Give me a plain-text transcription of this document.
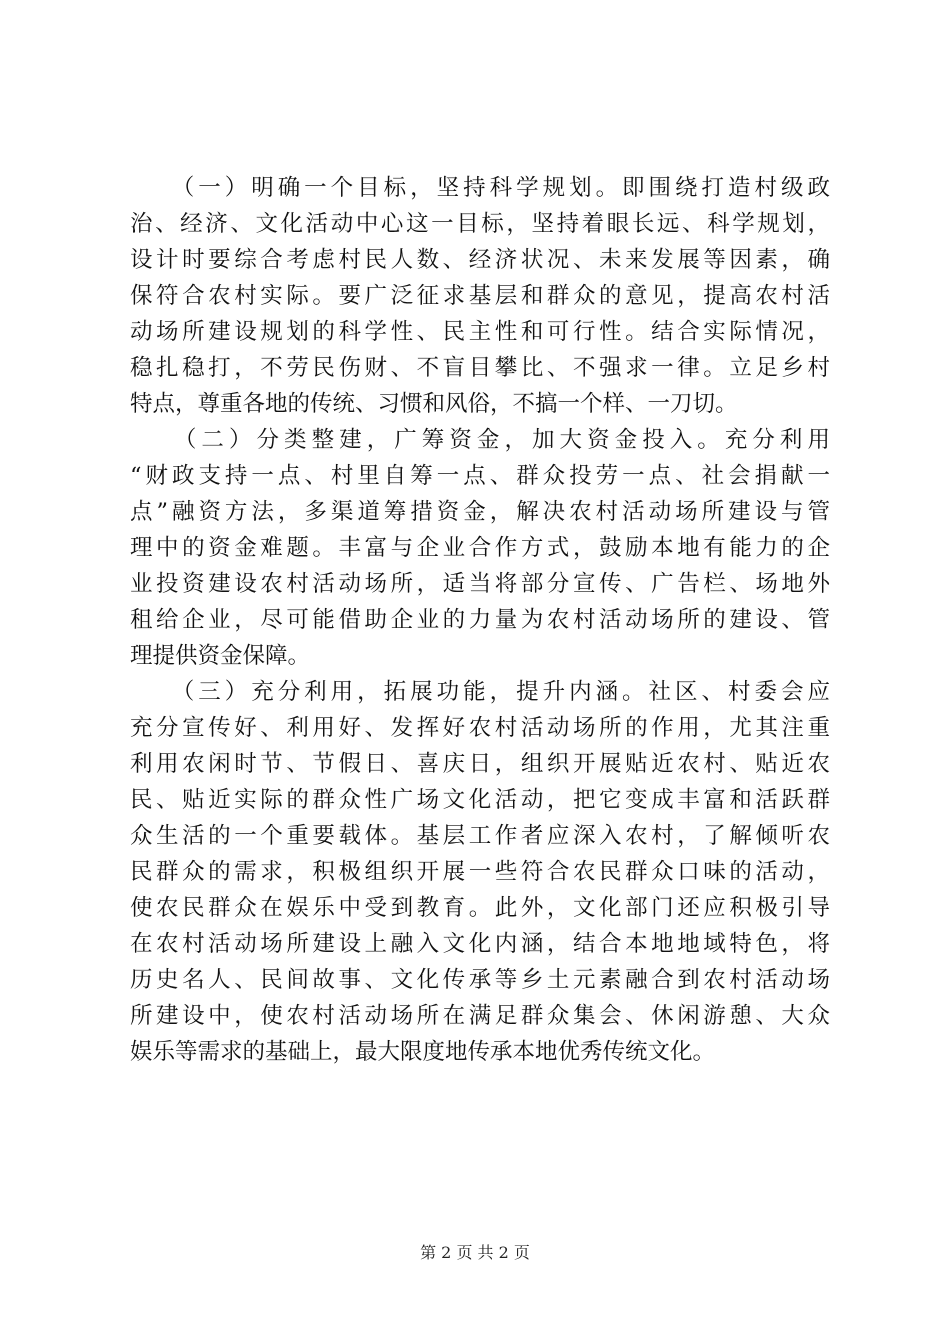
　　（一）明确一个目标，坚持科学规划。即围绕打造村级政
治、经济、文化活动中心这一目标，坚持着眼长远、科学规划，
设计时要综合考虑村民人数、经济状况、未来发展等因素，确
保符合农村实际。要广泛征求基层和群众的意见，提高农村活
动场所建设规划的科学性、民主性和可行性。结合实际情况，
稳扎稳打，不劳民伤财、不盲目攀比、不强求一律。立足乡村
特点，尊重各地的传统、习惯和风俗，不搞一个样、一刀切。
　　（二）分类整建，广筹资金，加大资金投入。充分利用
“财政支持一点、村里自筹一点、群众投劳一点、社会捐献一
点”融资方法，多渠道筹措资金，解决农村活动场所建设与管
理中的资金难题。丰富与企业合作方式，鼓励本地有能力的企
业投资建设农村活动场所，适当将部分宣传、广告栏、场地外
租给企业，尽可能借助企业的力量为农村活动场所的建设、管
理提供资金保障。
　　（三）充分利用，拓展功能，提升内涵。社区、村委会应
充分宣传好、利用好、发挥好农村活动场所的作用，尤其注重
利用农闲时节、节假日、喜庆日，组织开展贴近农村、贴近农
民、贴近实际的群众性广场文化活动，把它变成丰富和活跃群
众生活的一个重要载体。基层工作者应深入农村，了解倾听农
民群众的需求，积极组织开展一些符合农民群众口味的活动，
使农民群众在娱乐中受到教育。此外，文化部门还应积极引导
在农村活动场所建设上融入文化内涵，结合本地地域特色，将
历史名人、民间故事、文化传承等乡土元素融合到农村活动场
所建设中，使农村活动场所在满足群众集会、休闲游憩、大众
娱乐等需求的基础上，最大限度地传承本地优秀传统文化。
第 2 页 共 2 页
